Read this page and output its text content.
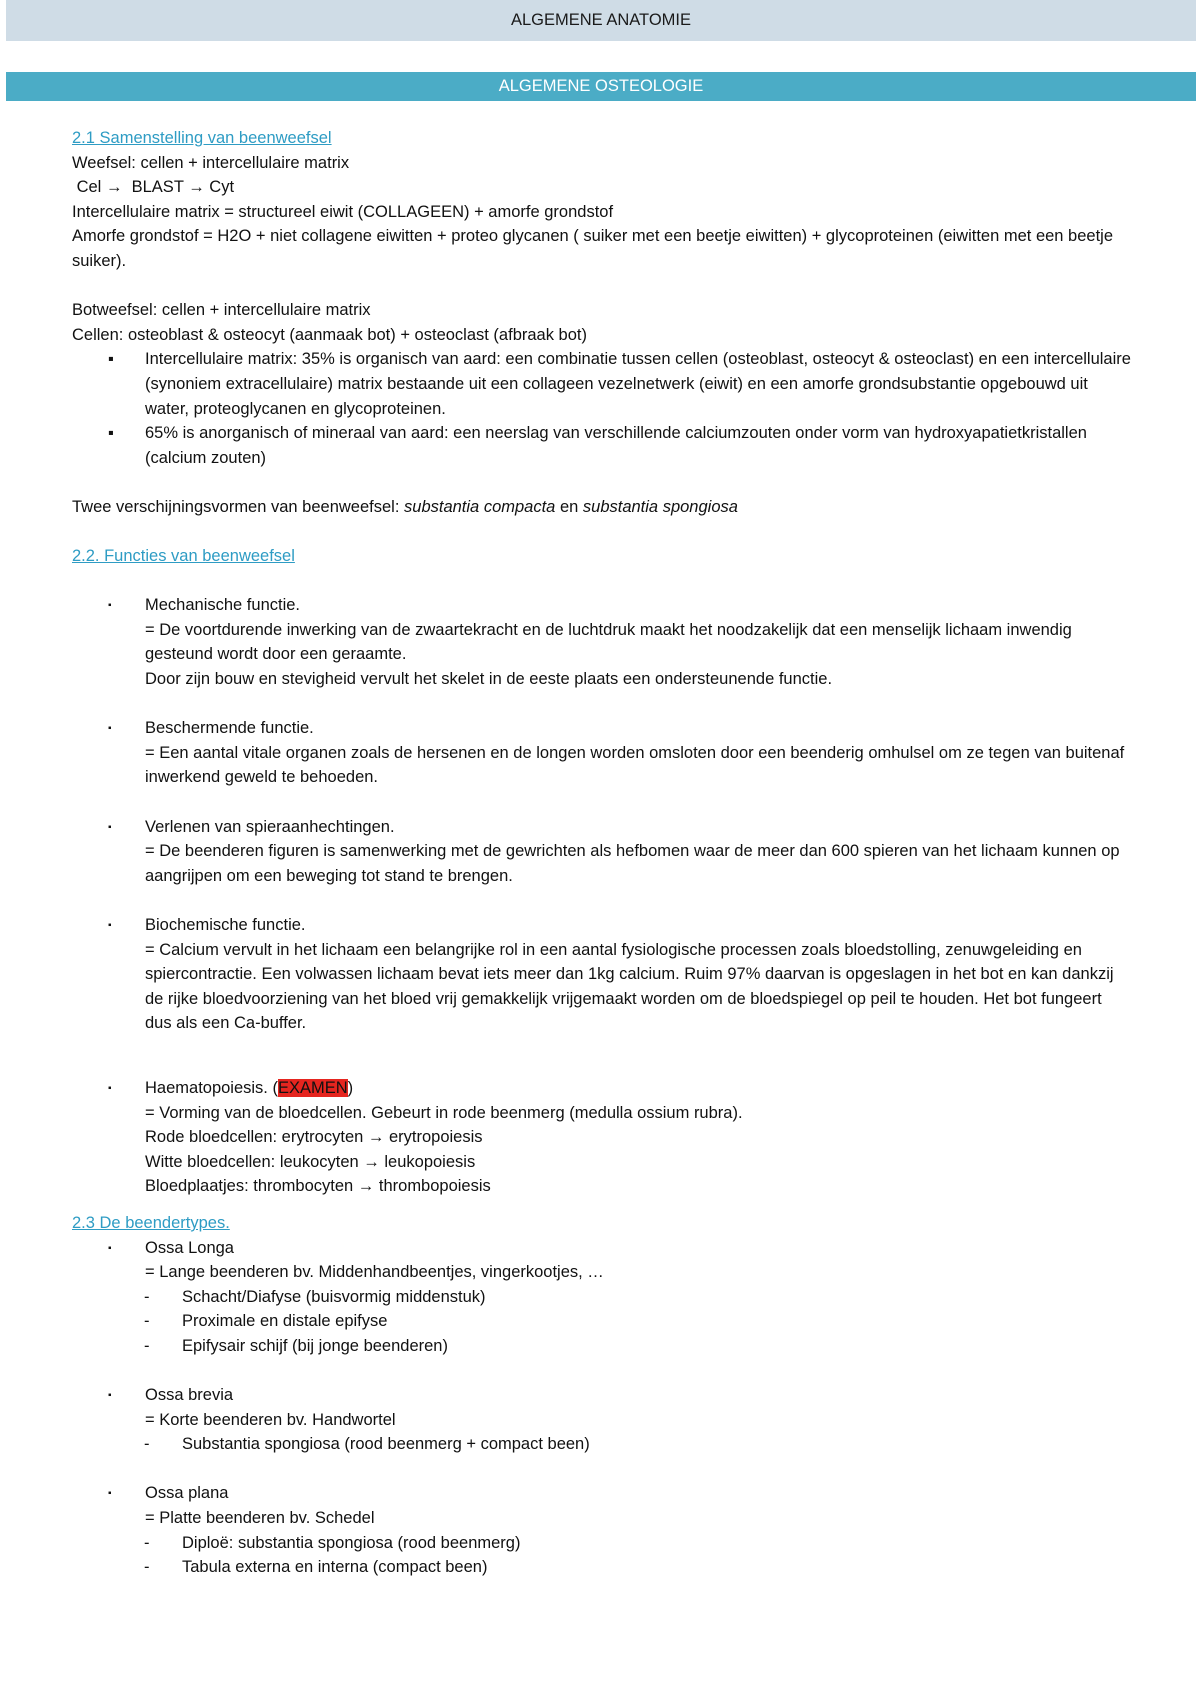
ALGEMENE ANATOMIE
ALGEMENE OSTEOLOGIE
2.1 Samenstelling van beenweefsel
Weefsel: cellen + intercellulaire matrix
Cel → BLAST → Cyt
Intercellulaire matrix = structureel eiwit (COLLAGEEN) + amorfe grondstof
Amorfe grondstof = H2O + niet collagene eiwitten + proteo glycanen ( suiker met een beetje eiwitten) + glycoproteinen (eiwitten met een beetje suiker).
Botweefsel: cellen + intercellulaire matrix
Cellen: osteoblast & osteocyt (aanmaak bot) + osteoclast (afbraak bot)
▪ Intercellulaire matrix: 35% is organisch van aard: een combinatie tussen cellen (osteoblast, osteocyt & osteoclast) en een intercellulaire (synoniem extracellulaire) matrix bestaande uit een collageen vezelnetwerk (eiwit) en een amorfe grondsubstantie opgebouwd uit water, proteoglycanen en glycoproteinen.
▪ 65% is anorganisch of mineraal van aard: een neerslag van verschillende calciumzouten onder vorm van hydroxyapatietkristallen (calcium zouten)
Twee verschijningsvormen van beenweefsel: substantia compacta en substantia spongiosa
2.2. Functies van beenweefsel
▪ Mechanische functie.
= De voortdurende inwerking van de zwaartekracht en de luchtdruk maakt het noodzakelijk dat een menselijk lichaam inwendig gesteund wordt door een geraamte.
Door zijn bouw en stevigheid vervult het skelet in de eeste plaats een ondersteunende functie.
▪ Beschermende functie.
= Een aantal vitale organen zoals de hersenen en de longen worden omsloten door een beenderig omhulsel om ze tegen van buitenaf inwerkend geweld te behoeden.
▪ Verlenen van spieraanhechtingen.
= De beenderen figuren is samenwerking met de gewrichten als hefbomen waar de meer dan 600 spieren van het lichaam kunnen op aangrijpen om een beweging tot stand te brengen.
▪ Biochemische functie.
= Calcium vervult in het lichaam een belangrijke rol in een aantal fysiologische processen zoals bloedstolling, zenuwgeleiding en spiercontractie. Een volwassen lichaam bevat iets meer dan 1kg calcium. Ruim 97% daarvan is opgeslagen in het bot en kan dankzij de rijke bloedvoorziening van het bloed vrij gemakkelijk vrijgemaakt worden om de bloedspiegel op peil te houden. Het bot fungeert dus als een Ca-buffer.
▪ Haematopoiesis. (EXAMEN)
= Vorming van de bloedcellen. Gebeurt in rode beenmerg (medulla ossium rubra).
Rode bloedcellen: erytrocyten → erytropoiesis
Witte bloedcellen: leukocyten → leukopoiesis
Bloedplaatjes: thrombocyten → thrombopoiesis
2.3 De beendertypes.
▪ Ossa Longa
= Lange beenderen bv. Middenhandbeentjes, vingerkootjes, …
- Schacht/Diafyse (buisvormig middenstuk)
- Proximale en distale epifyse
- Epifysair schijf (bij jonge beenderen)
▪ Ossa brevia
= Korte beenderen bv. Handwortel
- Substantia spongiosa (rood beenmerg + compact been)
▪ Ossa plana
= Platte beenderen bv. Schedel
- Diploë: substantia spongiosa (rood beenmerg)
- Tabula externa en interna (compact been)
